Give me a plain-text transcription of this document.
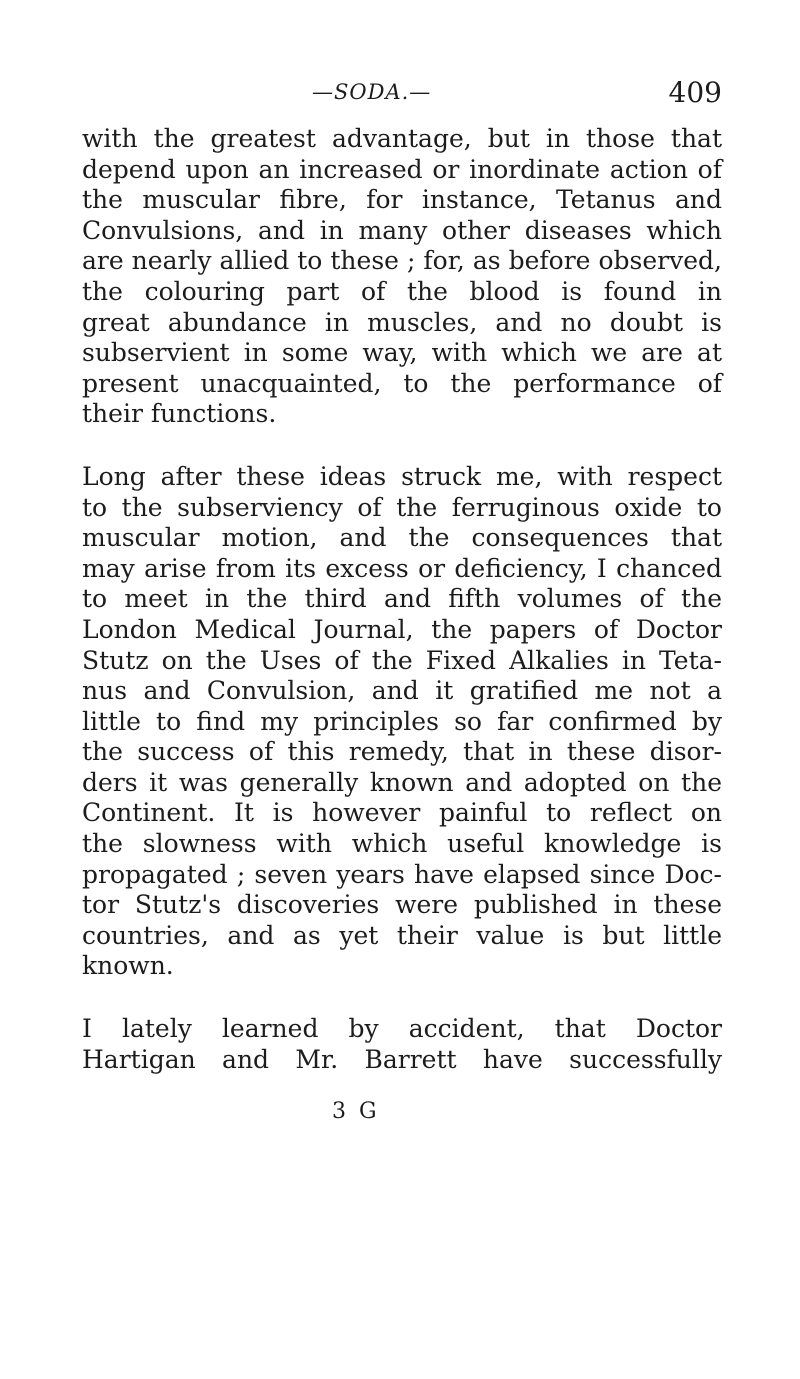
—SODA.—	409

with the greatest advantage, but in those that
depend upon an increased or inordinate action of
the muscular fibre, for instance, Tetanus and
Convulsions, and in many other diseases which
are nearly allied to these ; for, as before observed,
the colouring part of the blood is found in
great abundance in muscles, and no doubt is
subservient in some way, with which we are at
present unacquainted, to the performance of
their functions.

Long after these ideas struck me, with respect
to the subserviency of the ferruginous oxide to
muscular motion, and the consequences that
may arise from its excess or deficiency, I chanced
to meet in the third and fifth volumes of the
London Medical Journal, the papers of Doctor
Stutz on the Uses of the Fixed Alkalies in Teta-
nus and Convulsion, and it gratified me not a
little to find my principles so far confirmed by
the success of this remedy, that in these disor-
ders it was generally known and adopted on the
Continent. It is however painful to reflect on
the slowness with which useful knowledge is
propagated ; seven years have elapsed since Doc-
tor Stutz's discoveries were published in these
countries, and as yet their value is but little
known.

I lately learned by accident, that Doctor
Hartigan and Mr. Barrett have successfully

3 G
